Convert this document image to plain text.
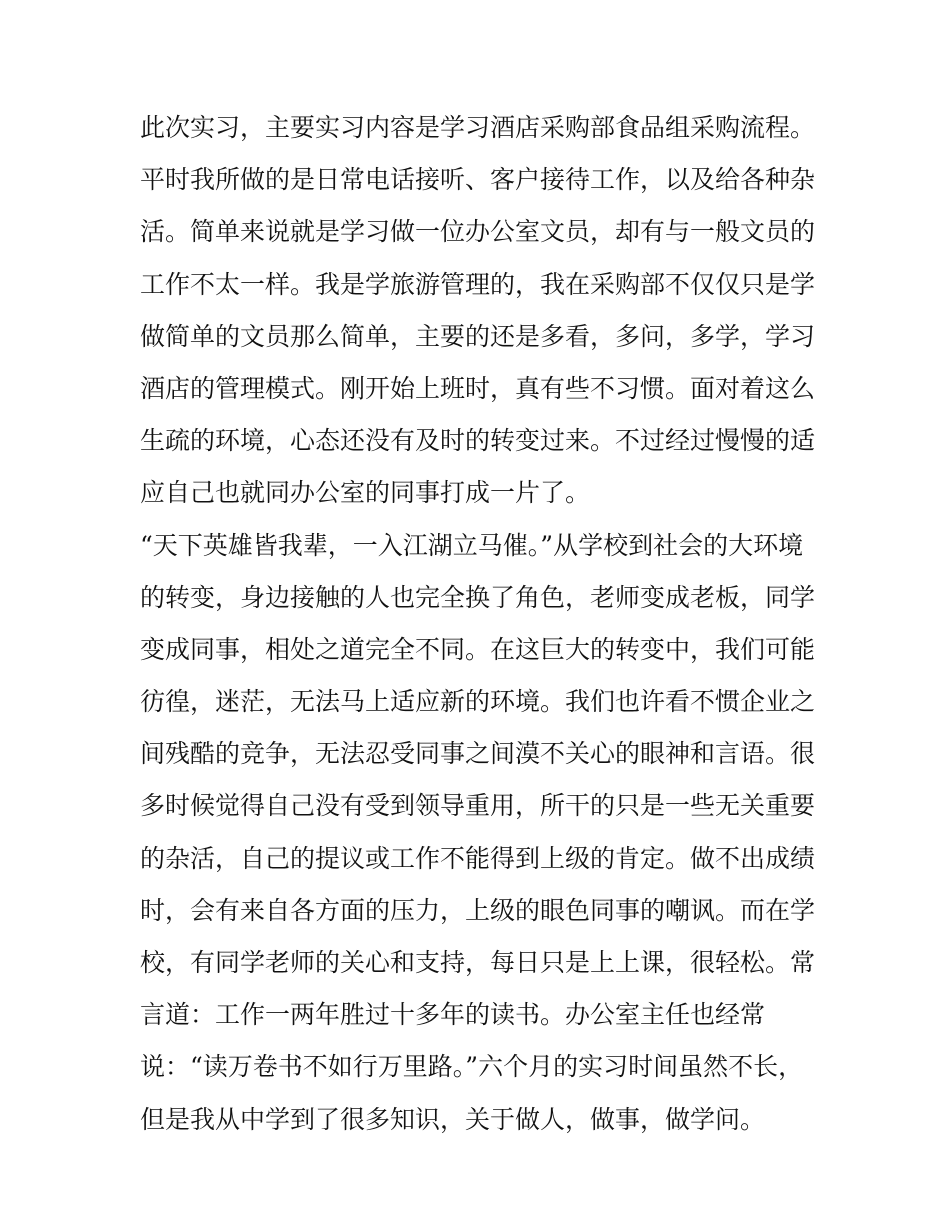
此次实习，主要实习内容是学习酒店采购部食品组采购流程。
平时我所做的是日常电话接听、客户接待工作，以及给各种杂
活。简单来说就是学习做一位办公室文员，却有与一般文员的
工作不太一样。我是学旅游管理的，我在采购部不仅仅只是学
做简单的文员那么简单，主要的还是多看，多问，多学，学习
酒店的管理模式。刚开始上班时，真有些不习惯。面对着这么
生疏的环境，心态还没有及时的转变过来。不过经过慢慢的适
应自己也就同办公室的同事打成一片了。
“天下英雄皆我辈，一入江湖立马催。”从学校到社会的大环境
的转变，身边接触的人也完全换了角色，老师变成老板，同学
变成同事，相处之道完全不同。在这巨大的转变中，我们可能
彷徨，迷茫，无法马上适应新的环境。我们也许看不惯企业之
间残酷的竞争，无法忍受同事之间漠不关心的眼神和言语。很
多时候觉得自己没有受到领导重用，所干的只是一些无关重要
的杂活，自己的提议或工作不能得到上级的肯定。做不出成绩
时，会有来自各方面的压力，上级的眼色同事的嘲讽。而在学
校，有同学老师的关心和支持，每日只是上上课，很轻松。常
言道：工作一两年胜过十多年的读书。办公室主任也经常
说：“读万卷书不如行万里路。”六个月的实习时间虽然不长，
但是我从中学到了很多知识，关于做人，做事，做学问。
